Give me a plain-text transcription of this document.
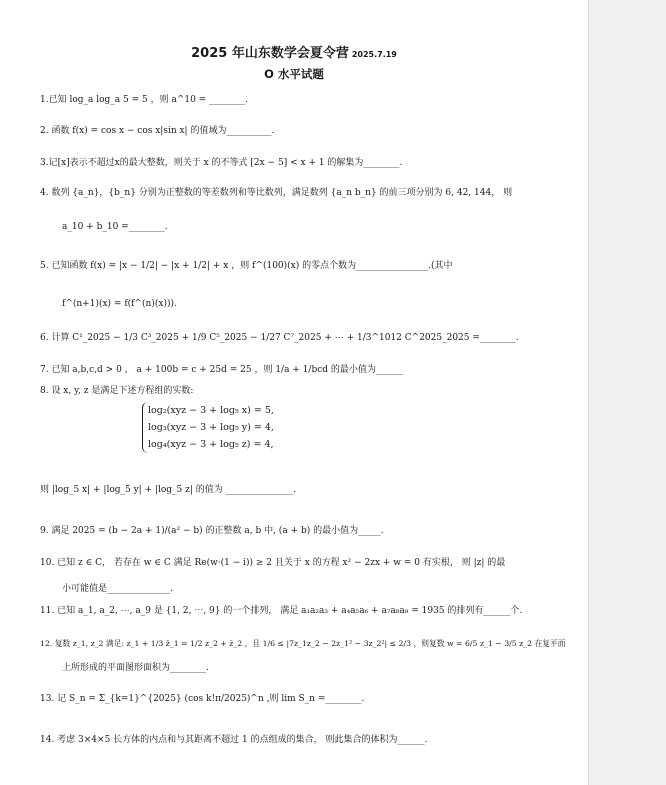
2025 年山东数学会夏令营 2025.7.19
O 水平试题
1.已知 log_a log_a 5 = 5 ，则 a^10 = ________.
2. 函数 f(x) = cos x − cos x|sin x| 的值域为__________.
3.记[x]表示不超过x的最大整数，则关于 x 的不等式 [2x − 5] < x + 1 的解集为________.
4. 数列 {a_n}，{b_n} 分别为正整数的等差数列和等比数列，满足数列 {a_n b_n} 的前三项分别为 6, 42, 144， 则
a_10 + b_10 =________.
5. 已知函数 f(x) = |x − 1/2| − |x + 1/2| + x ，则 f^(100)(x) 的零点个数为________________.(其中
f^(n+1)(x) = f(f^(n)(x))).
6. 计算 C¹_2025 − 1/3 C³_2025 + 1/9 C⁵_2025 − 1/27 C⁷_2025 + ⋯ + 1/3^1012 C^2025_2025 =________.
7. 已知 a,b,c,d > 0 ， a + 100b = c + 25d = 25 ，则 1/a + 1/bcd 的最小值为______
8. 设 x, y, z 是满足下述方程组的实数:
log₂(xyz − 3 + log₅ x) = 5,
log₃(xyz − 3 + log₅ y) = 4,
log₄(xyz − 3 + log₅ z) = 4,
则 |log_5 x| + |log_5 y| + |log_5 z| 的值为 _______________.
9. 满足 2025 = (b − 2a + 1)/(a² − b) 的正整数 a, b 中, (a + b) 的最小值为_____.
10. 已知 z ∈ C， 若存在 w ∈ C 满足 Re(w·(1 − i)) ≥ 2 且关于 x 的方程 x² − 2zx + w = 0 有实根， 则 |z| 的最
小可能值是______________.
11. 已知 a_1, a_2, ⋯, a_9 是 {1, 2, ⋯, 9} 的一个排列， 满足 a₁a₂a₃ + a₄a₅a₆ + a₇a₈a₉ = 1935 的排列有______个.
12. 复数 z_1, z_2 满足: z_1 + 1/3 z̄_1 = 1/2 z_2 + z̄_2 ，且 1/6 ≤ |7z_1z_2 − 2z_1² − 3z_2²| ≤ 2/3 ，则复数 w = 6/5 z_1 − 3/5 z_2 在复平面
上所形成的平面图形面积为________.
13. 记 S_n = Σ_{k=1}^{2025} (cos k!π/2025)^n ,则 lim S_n =________.
14. 考虑 3×4×5 长方体的内点和与其距离不超过 1 的点组成的集合， 则此集合的体积为______.
